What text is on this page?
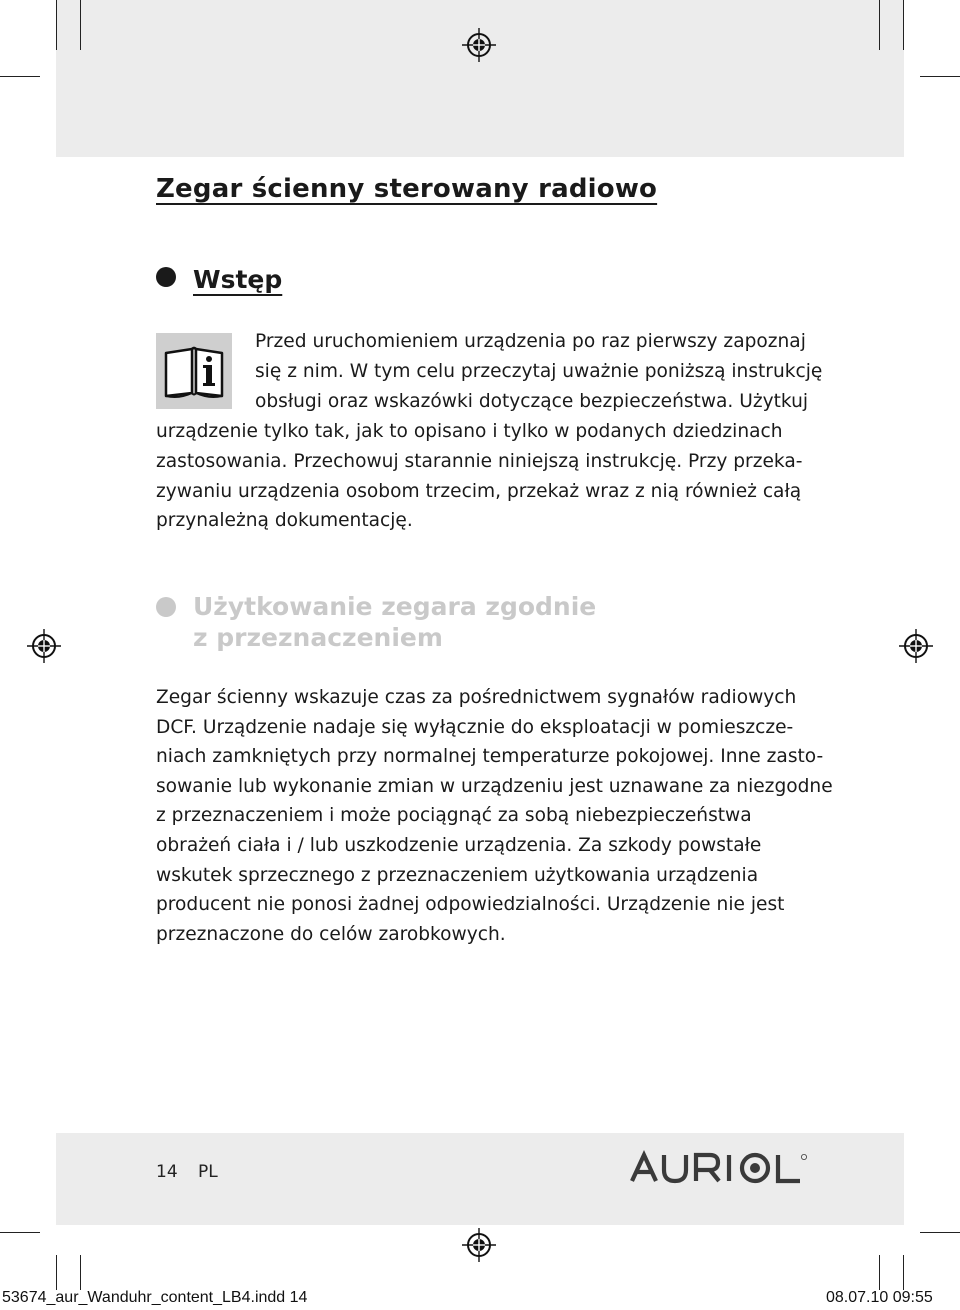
Zegar ścienny sterowany radiowo
Wstęp
Przed uruchomieniem urządzenia po raz pierwszy zapoznaj
się z nim. W tym celu przeczytaj uważnie poniższą instrukcję
obsługi oraz wskazówki dotyczące bezpieczeństwa. Użytkuj
urządzenie tylko tak, jak to opisano i tylko w podanych dziedzinach
zastosowania. Przechowuj starannie niniejszą instrukcję. Przy przeka-
zywaniu urządzenia osobom trzecim, przekaż wraz z nią również całą
przynależną dokumentację.
Użytkowanie zegara zgodnie
z przeznaczeniem
Zegar ścienny wskazuje czas za pośrednictwem sygnałów radiowych
DCF. Urządzenie nadaje się wyłącznie do eksploatacji w pomieszcze-
niach zamkniętych przy normalnej temperaturze pokojowej. Inne zasto-
sowanie lub wykonanie zmian w urządzeniu jest uznawane za niezgodne
z przeznaczeniem i może pociągnąć za sobą niebezpieczeństwa
obrażeń ciała i / lub uszkodzenie urządzenia. Za szkody powstałe
wskutek sprzecznego z przeznaczeniem użytkowania urządzenia
producent nie ponosi żadnej odpowiedzialności. Urządzenie nie jest
przeznaczone do celów zarobkowych.
14 PL
53674_aur_Wanduhr_content_LB4.indd 14	08.07.10 09:55
